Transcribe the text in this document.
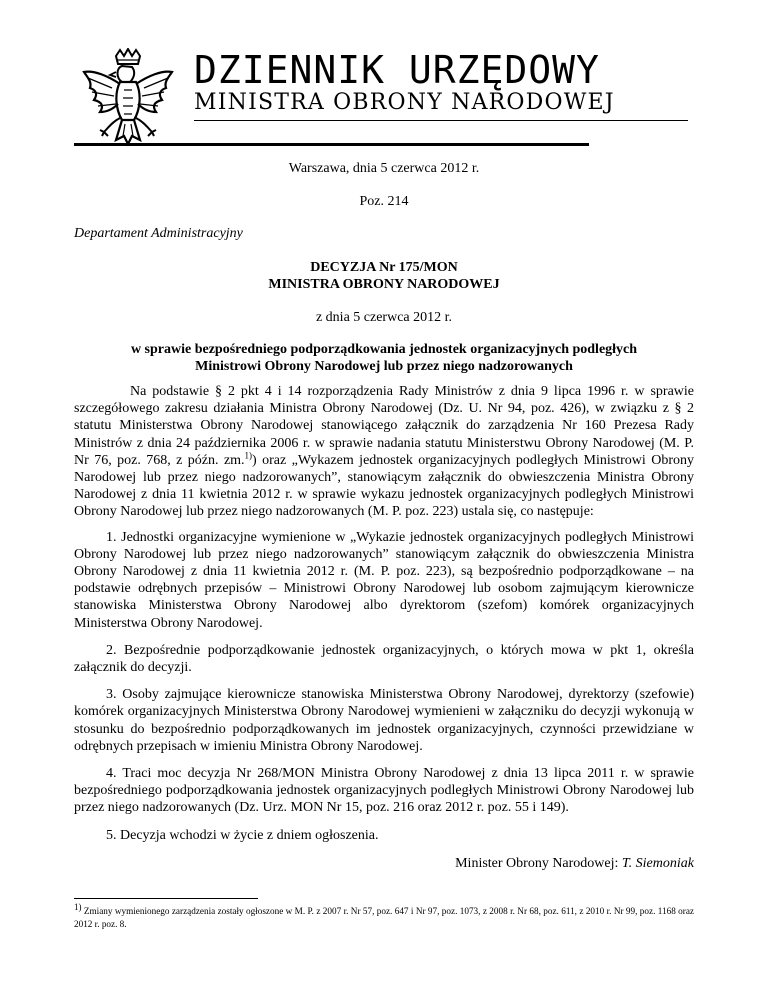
DZIENNIK URZĘDOWY
MINISTRA OBRONY NARODOWEJ
Warszawa, dnia 5 czerwca 2012 r.
Poz. 214
Departament Administracyjny
DECYZJA Nr 175/MON
MINISTRA OBRONY NARODOWEJ
z dnia 5 czerwca 2012 r.
w sprawie bezpośredniego podporządkowania jednostek organizacyjnych podległych
Ministrowi Obrony Narodowej lub przez niego nadzorowanych

Na podstawie § 2 pkt 4 i 14 rozporządzenia Rady Ministrów z dnia 9 lipca 1996 r. w sprawie szczegółowego zakresu działania Ministra Obrony Narodowej (Dz. U. Nr 94, poz. 426), w związku z § 2 statutu Ministerstwa Obrony Narodowej stanowiącego załącznik do zarządzenia Nr 160 Prezesa Rady Ministrów z dnia 24 października 2006 r. w sprawie nadania statutu Ministerstwu Obrony Narodowej (M. P. Nr 76, poz. 768, z późn. zm.$^{1)}$) oraz „Wykazem jednostek organizacyjnych podległych Ministrowi Obrony Narodowej lub przez niego nadzorowanych”, stanowiącym załącznik do obwieszczenia Ministra Obrony Narodowej z dnia 11 kwietnia 2012 r. w sprawie wykazu jednostek organizacyjnych podległych Ministrowi Obrony Narodowej lub przez niego nadzorowanych (M. P. poz. 223) ustala się, co następuje:

1. Jednostki organizacyjne wymienione w „Wykazie jednostek organizacyjnych podległych Ministrowi Obrony Narodowej lub przez niego nadzorowanych” stanowiącym załącznik do obwieszczenia Ministra Obrony Narodowej z dnia 11 kwietnia 2012 r. (M. P. poz. 223), są bezpośrednio podporządkowane – na podstawie odrębnych przepisów – Ministrowi Obrony Narodowej lub osobom zajmującym kierownicze stanowiska Ministerstwa Obrony Narodowej albo dyrektorom (szefom) komórek organizacyjnych Ministerstwa Obrony Narodowej.

2. Bezpośrednie podporządkowanie jednostek organizacyjnych, o których mowa w pkt 1, określa załącznik do decyzji.

3. Osoby zajmujące kierownicze stanowiska Ministerstwa Obrony Narodowej, dyrektorzy (szefowie) komórek organizacyjnych Ministerstwa Obrony Narodowej wymienieni w załączniku do decyzji wykonują w stosunku do bezpośrednio podporządkowanych im jednostek organizacyjnych, czynności przewidziane w odrębnych przepisach w imieniu Ministra Obrony Narodowej.

4. Traci moc decyzja Nr 268/MON Ministra Obrony Narodowej z dnia 13 lipca 2011 r. w sprawie bezpośredniego podporządkowania jednostek organizacyjnych podległych Ministrowi Obrony Narodowej lub przez niego nadzorowanych (Dz. Urz. MON Nr 15, poz. 216 oraz 2012 r. poz. 55 i 149).

5. Decyzja wchodzi w życie z dniem ogłoszenia.

Minister Obrony Narodowej: T. Siemoniak
$^{1)}$ Zmiany wymienionego zarządzenia zostały ogłoszone w M. P. z 2007 r. Nr 57, poz. 647 i Nr 97, poz. 1073, z 2008 r. Nr 68, poz. 611, z 2010 r. Nr 99, poz. 1168 oraz 2012 r. poz. 8.
